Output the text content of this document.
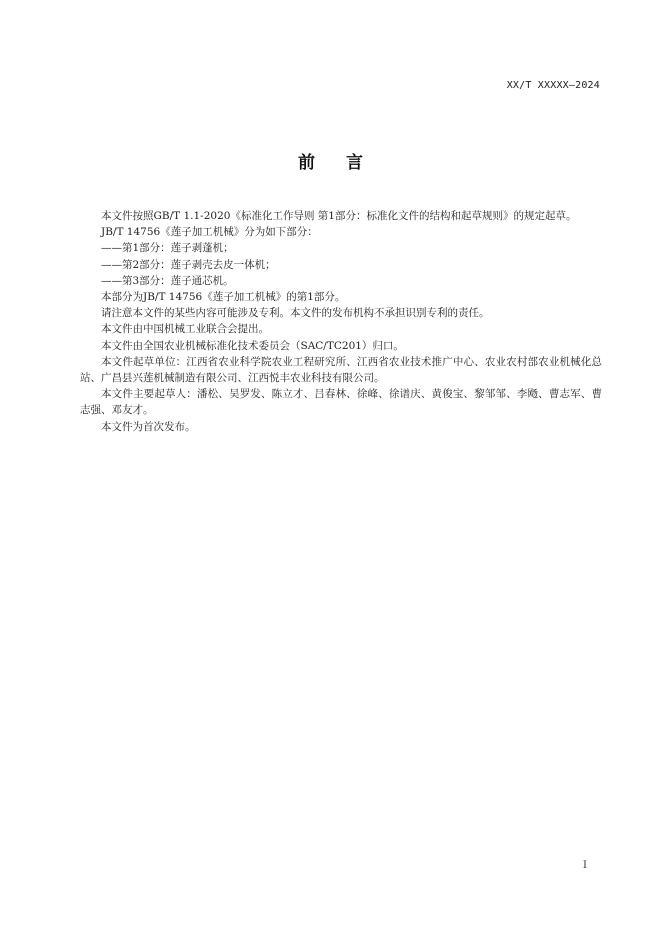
XX/T XXXXX—2024
前 言

本文件按照GB/T 1.1-2020《标准化工作导则 第1部分：标准化文件的结构和起草规则》的规定起草。

JB/T 14756《莲子加工机械》分为如下部分：

——第1部分：莲子剥蓬机；

——第2部分：莲子剥壳去皮一体机；

——第3部分：莲子通芯机。

本部分为JB/T 14756《莲子加工机械》的第1部分。

请注意本文件的某些内容可能涉及专利。本文件的发布机构不承担识别专利的责任。

本文件由中国机械工业联合会提出。

本文件由全国农业机械标准化技术委员会（SAC/TC201）归口。

本文件起草单位：江西省农业科学院农业工程研究所、江西省农业技术推广中心、农业农村部农业机械化总站、广昌县兴莲机械制造有限公司、江西悦丰农业科技有限公司。

本文件主要起草人：潘松、吴罗发、陈立才、吕春林、徐峰、徐谱庆、黄俊宝、黎邹邹、李飏、曹志军、曹志强、邓友才。

本文件为首次发布。

I
